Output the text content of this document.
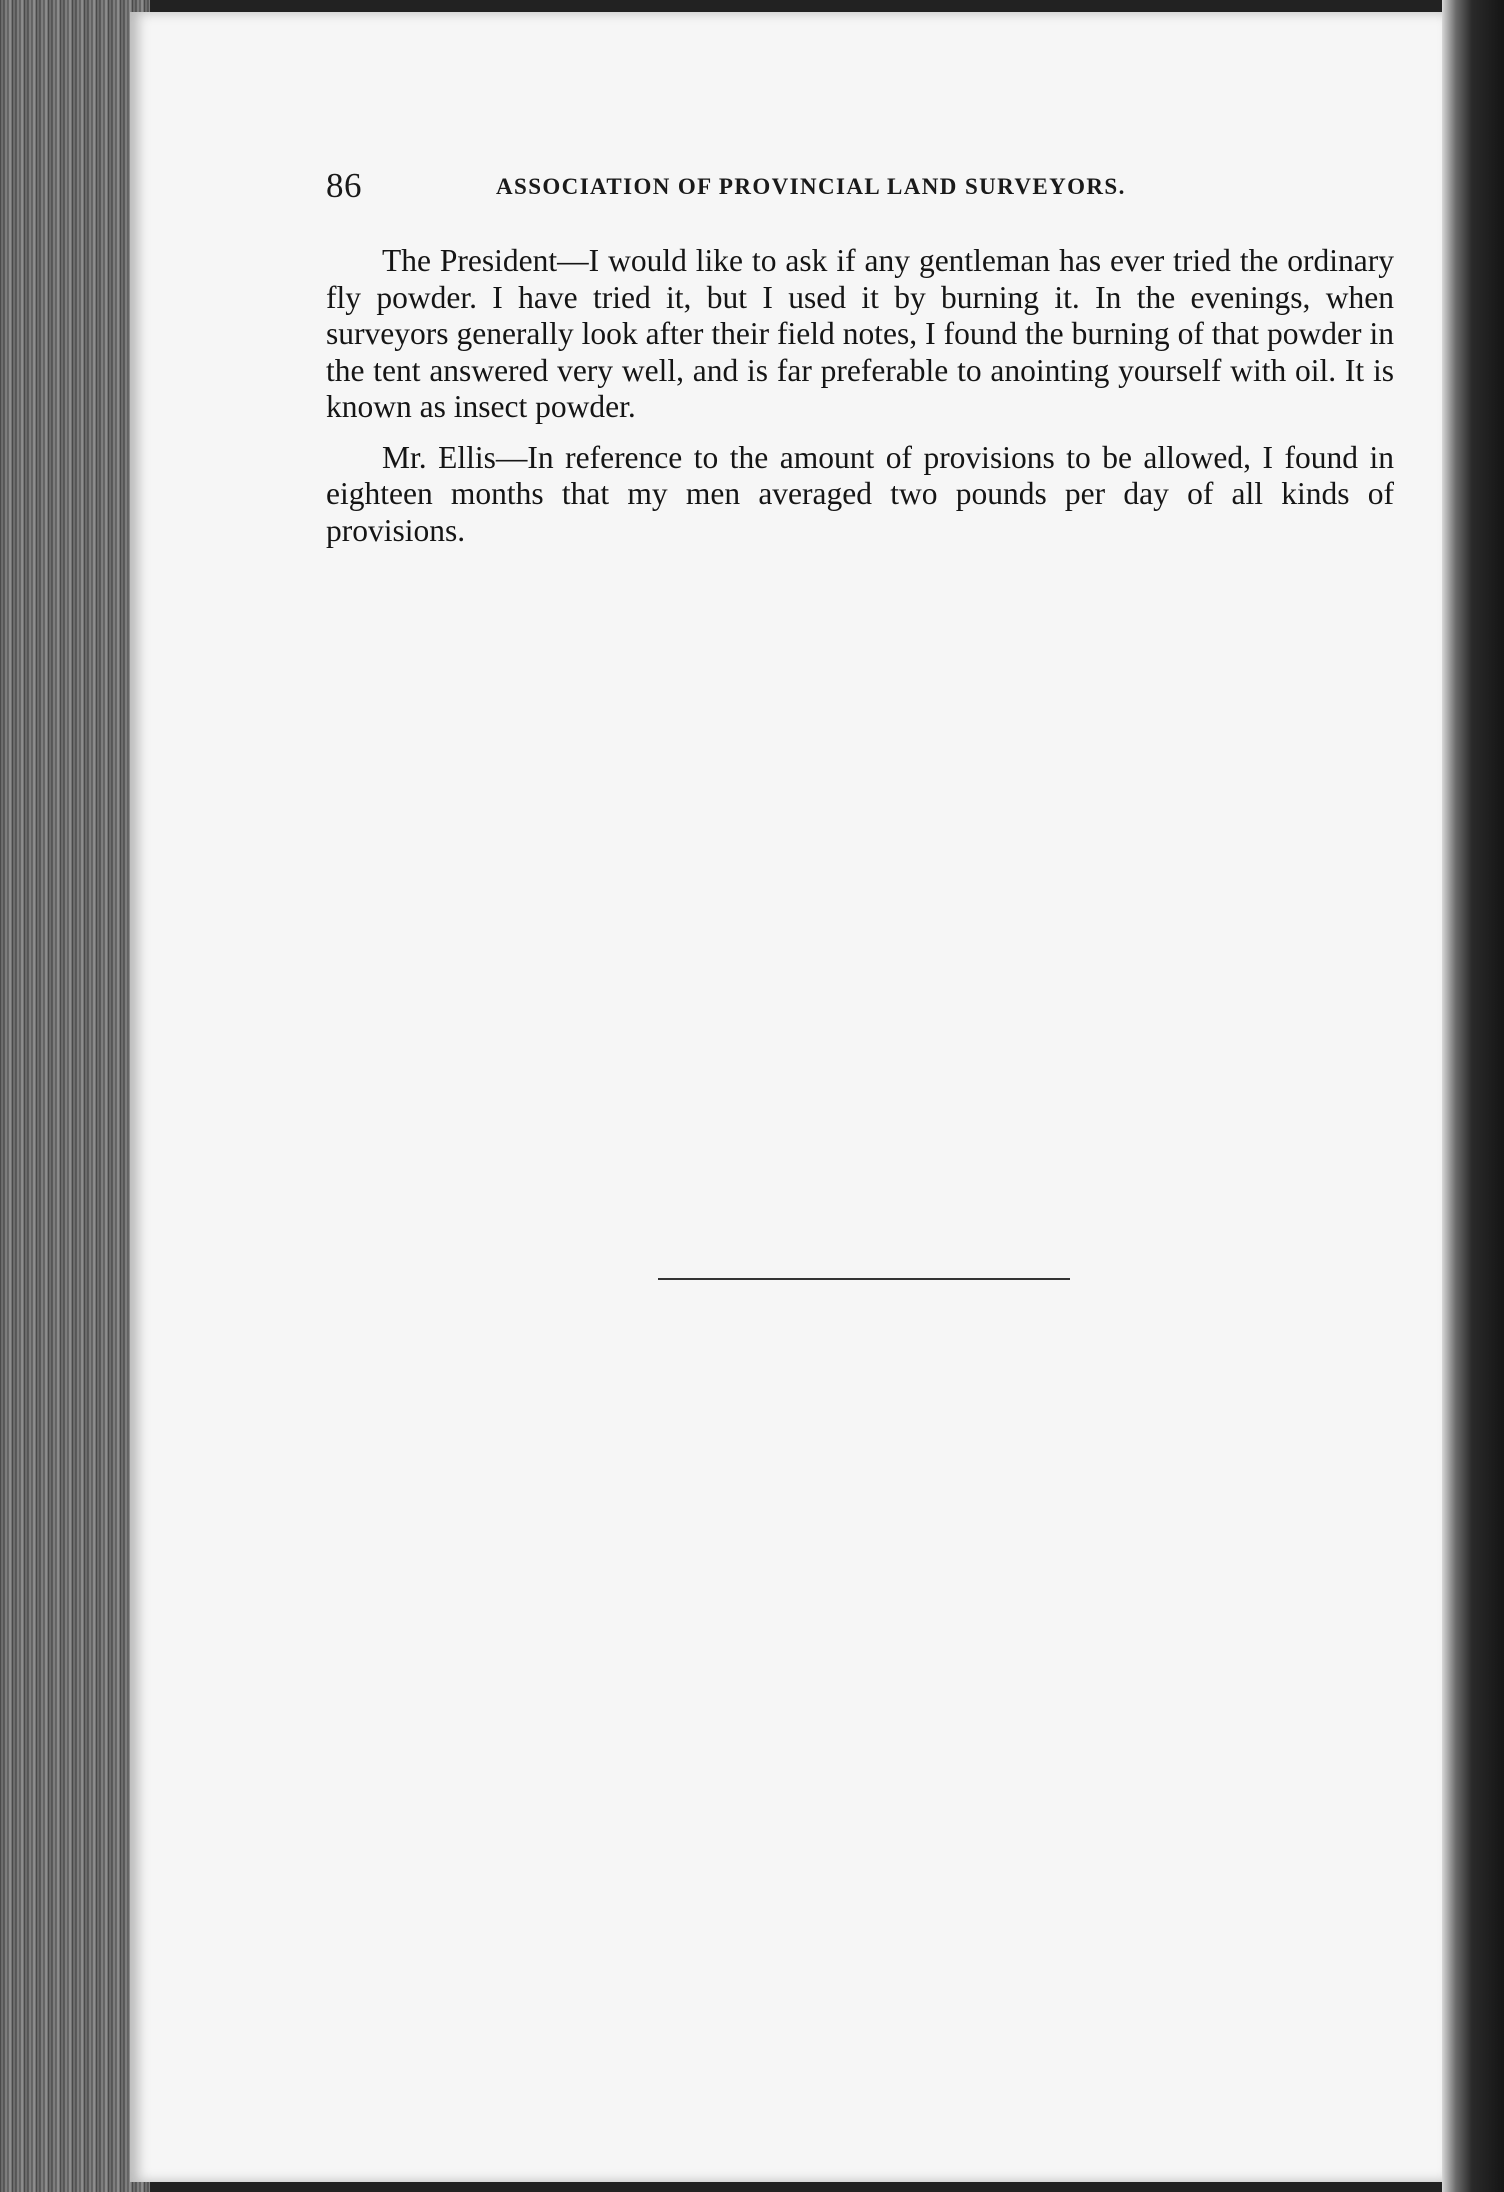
86	ASSOCIATION OF PROVINCIAL LAND SURVEYORS.

The President—I would like to ask if any gentleman has ever tried the ordinary fly powder. I have tried it, but I used it by burning it. In the evenings, when surveyors generally look after their field notes, I found the burning of that powder in the tent answered very well, and is far preferable to anointing yourself with oil. It is known as insect powder.

Mr. Ellis—In reference to the amount of provisions to be allowed, I found in eighteen months that my men averaged two pounds per day of all kinds of provisions.
